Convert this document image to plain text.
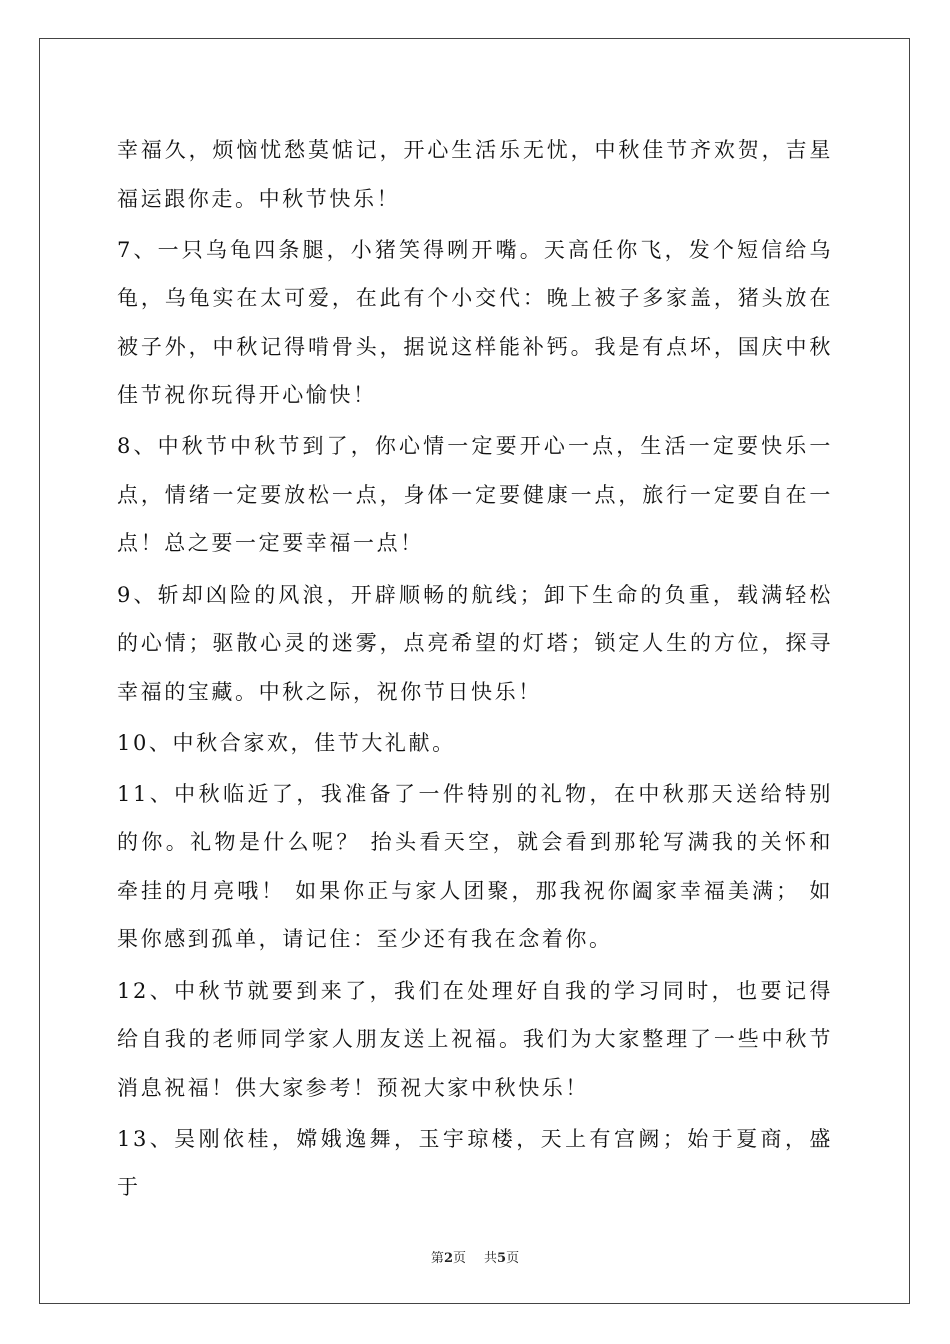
幸福久，烦恼忧愁莫惦记，开心生活乐无忧，中秋佳节齐欢贺，吉星福运跟你走。中秋节快乐！

7、一只乌龟四条腿，小猪笑得咧开嘴。天高任你飞，发个短信给乌龟，乌龟实在太可爱，在此有个小交代：晚上被子多家盖，猪头放在被子外，中秋记得啃骨头，据说这样能补钙。我是有点坏，国庆中秋佳节祝你玩得开心愉快！

8、中秋节中秋节到了，你心情一定要开心一点，生活一定要快乐一点，情绪一定要放松一点，身体一定要健康一点，旅行一定要自在一点！总之要一定要幸福一点！

9、斩却凶险的风浪，开辟顺畅的航线；卸下生命的负重，载满轻松的心情；驱散心灵的迷雾，点亮希望的灯塔；锁定人生的方位，探寻幸福的宝藏。中秋之际，祝你节日快乐！

10、中秋合家欢，佳节大礼献。

11、中秋临近了，我准备了一件特别的礼物，在中秋那天送给特别的你。礼物是什么呢？ 抬头看天空，就会看到那轮写满我的关怀和牵挂的月亮哦！ 如果你正与家人团聚，那我祝你阖家幸福美满； 如果你感到孤单，请记住：至少还有我在念着你。

12、中秋节就要到来了，我们在处理好自我的学习同时，也要记得给自我的老师同学家人朋友送上祝福。我们为大家整理了一些中秋节消息祝福！供大家参考！预祝大家中秋快乐！

13、吴刚依桂，嫦娥逸舞，玉宇琼楼，天上有宫阙；始于夏商，盛于

第2页 共5页
